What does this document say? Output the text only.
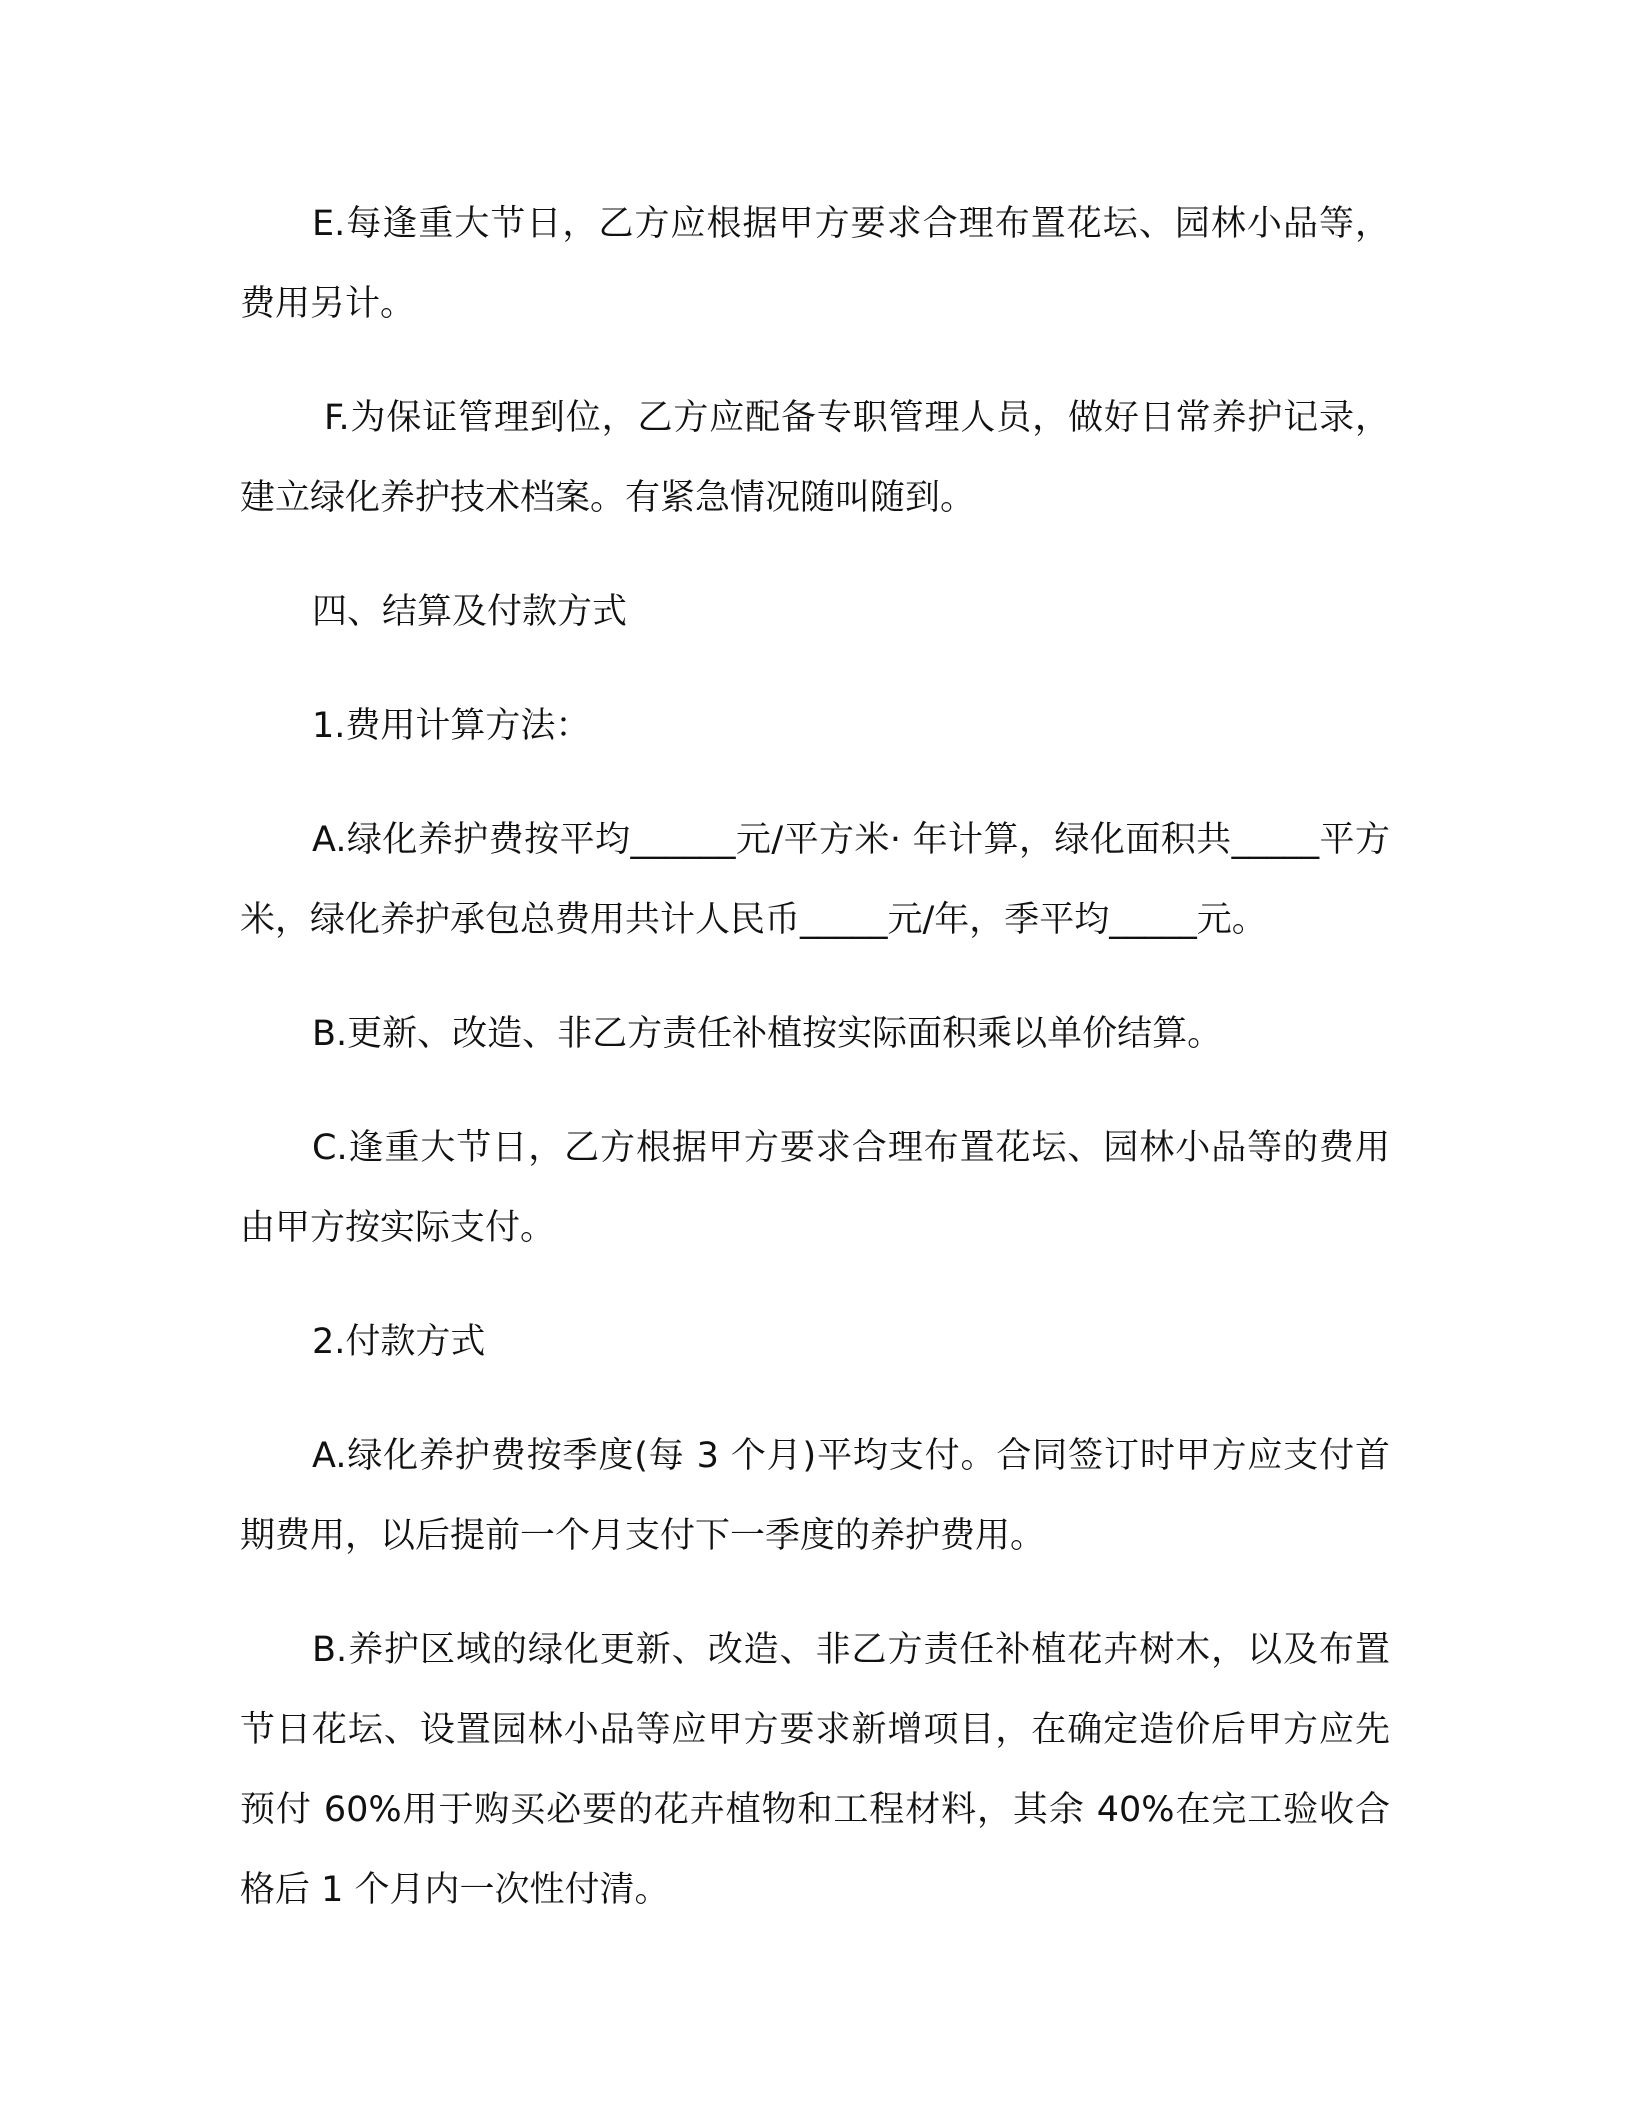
E.每逢重大节日，乙方应根据甲方要求合理布置花坛、园林小品等，费用另计。

F.为保证管理到位，乙方应配备专职管理人员，做好日常养护记录，建立绿化养护技术档案。有紧急情况随叫随到。

四、结算及付款方式

1.费用计算方法：

A.绿化养护费按平均______元/平方米· 年计算，绿化面积共_____平方米，绿化养护承包总费用共计人民币_____元/年，季平均_____元。

B.更新、改造、非乙方责任补植按实际面积乘以单价结算。

C.逢重大节日，乙方根据甲方要求合理布置花坛、园林小品等的费用由甲方按实际支付。

2.付款方式

A.绿化养护费按季度(每 3 个月)平均支付。合同签订时甲方应支付首期费用，以后提前一个月支付下一季度的养护费用。

B.养护区域的绿化更新、改造、非乙方责任补植花卉树木，以及布置节日花坛、设置园林小品等应甲方要求新增项目，在确定造价后甲方应先预付 60%用于购买必要的花卉植物和工程材料，其余 40%在完工验收合格后 1 个月内一次性付清。
